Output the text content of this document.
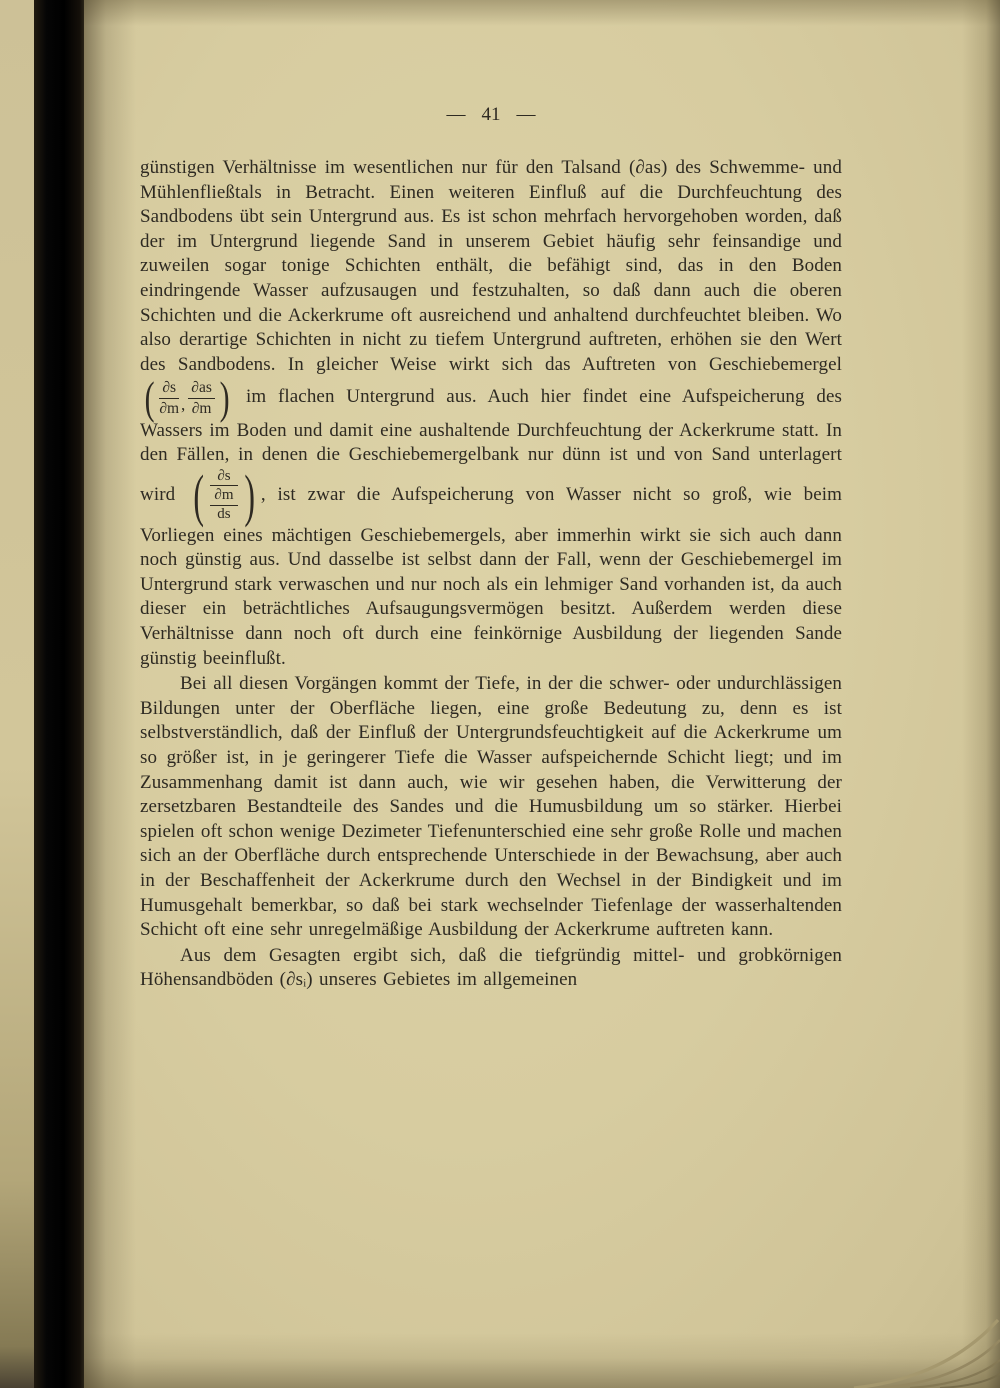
— 41 —

günstigen Verhältnisse im wesentlichen nur für den Talsand (∂as) des Schwemme- und Mühlenfließtals in Betracht. Einen weiteren Einfluß auf die Durchfeuchtung des Sandbodens übt sein Untergrund aus. Es ist schon mehrfach hervorgehoben worden, daß der im Untergrund liegende Sand in unserem Gebiet häufig sehr feinsandige und zuweilen sogar tonige Schichten enthält, die befähigt sind, das in den Boden eindringende Wasser aufzusaugen und festzuhalten, so daß dann auch die oberen Schichten und die Ackerkrume oft ausreichend und anhaltend durchfeuchtet bleiben. Wo also derartige Schichten in nicht zu tiefem Untergrund auftreten, erhöhen sie den Wert des Sandbodens. In gleicher Weise wirkt sich das Auftreten von Geschiebemergel
( $\frac{\partial s}{\partial m}$ , $\frac{\partial as}{\partial m}$ ) im flachen Untergrund aus. Auch hier findet eine Aufspeicherung des Wassers im Boden und damit eine aushaltende Durchfeuchtung der Ackerkrume statt. In den Fällen, in denen die Geschiebemergelbank nur dünn ist und von Sand unterlagert wird ( ∂s
∂m
ds ) , ist zwar die Aufspeicherung von Wasser nicht so groß, wie beim Vorliegen eines mächtigen Geschiebemergels, aber immerhin wirkt sie sich auch dann noch günstig aus. Und dasselbe ist selbst dann der Fall, wenn der Geschiebemergel im Untergrund stark verwaschen und nur noch als ein lehmiger Sand vorhanden ist, da auch dieser ein beträchtliches Aufsaugungsvermögen besitzt. Außerdem werden diese Verhältnisse dann noch oft durch eine feinkörnige Ausbildung der liegenden Sande günstig beeinflußt.

Bei all diesen Vorgängen kommt der Tiefe, in der die schwer- oder undurchlässigen Bildungen unter der Oberfläche liegen, eine große Bedeutung zu, denn es ist selbstverständlich, daß der Einfluß der Untergrundsfeuchtigkeit auf die Ackerkrume um so größer ist, in je geringerer Tiefe die Wasser aufspeichernde Schicht liegt; und im Zusammenhang damit ist dann auch, wie wir gesehen haben, die Verwitterung der zersetzbaren Bestandteile des Sandes und die Humusbildung um so stärker. Hierbei spielen oft schon wenige Dezimeter Tiefenunterschied eine sehr große Rolle und machen sich an der Oberfläche durch entsprechende Unterschiede in der Bewachsung, aber auch in der Beschaffenheit der Ackerkrume durch den Wechsel in der Bindigkeit und im Humusgehalt bemerkbar, so daß bei stark wechselnder Tiefenlage der wasserhaltenden Schicht oft eine sehr unregelmäßige Ausbildung der Ackerkrume auftreten kann.

Aus dem Gesagten ergibt sich, daß die tiefgründig mittel- und grobkörnigen Höhensandböden (∂sᵢ) unseres Gebietes im allgemeinen
